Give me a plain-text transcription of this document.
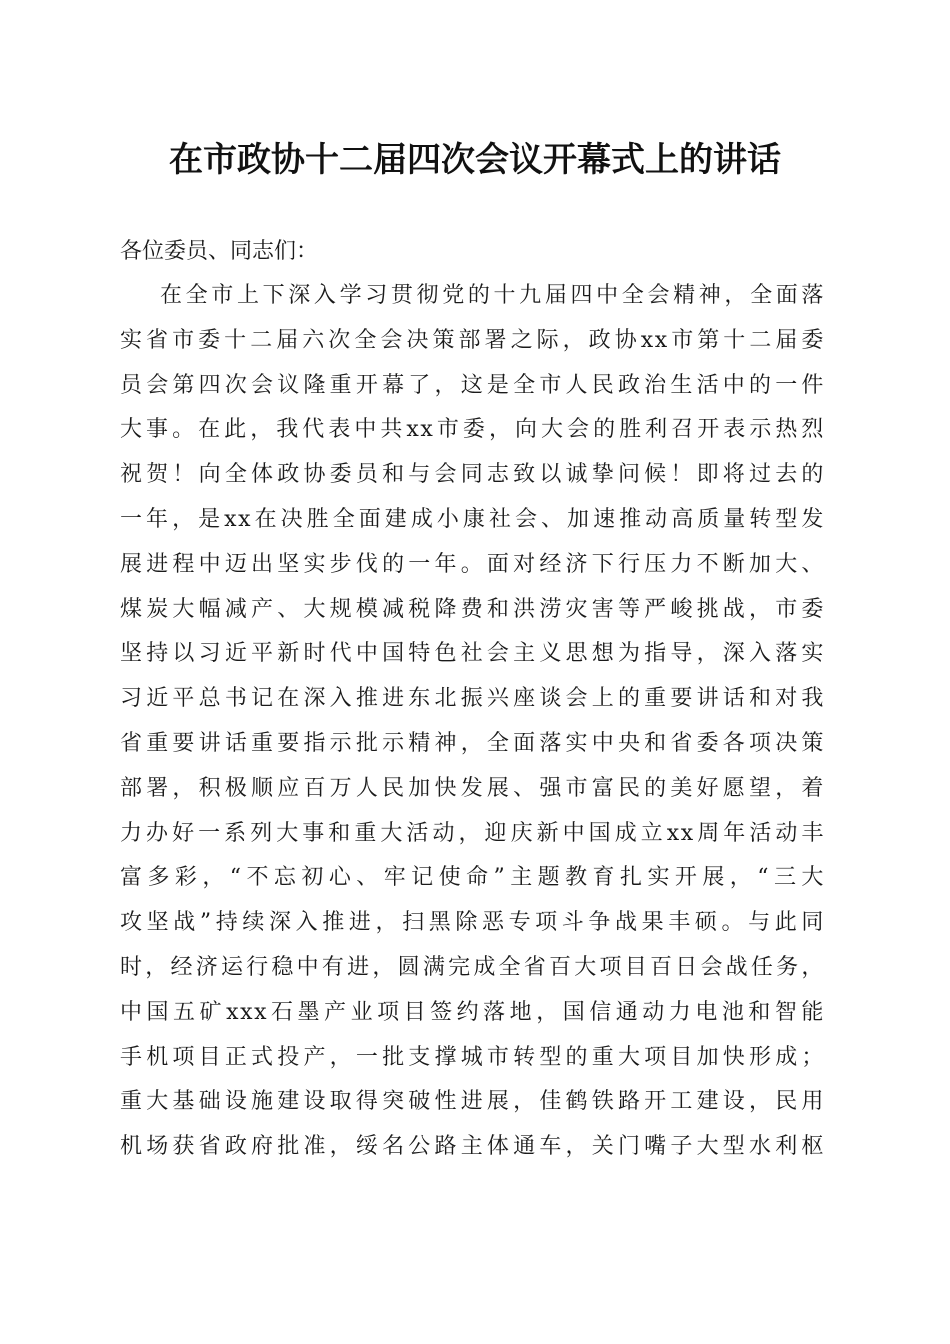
在市政协十二届四次会议开幕式上的讲话
各位委员、同志们：
在全市上下深入学习贯彻党的十九届四中全会精神，全面落
实省市委十二届六次全会决策部署之际，政协xx市第十二届委
员会第四次会议隆重开幕了，这是全市人民政治生活中的一件
大事。在此，我代表中共xx市委，向大会的胜利召开表示热烈
祝贺！向全体政协委员和与会同志致以诚挚问候！即将过去的
一年，是xx在决胜全面建成小康社会、加速推动高质量转型发
展进程中迈出坚实步伐的一年。面对经济下行压力不断加大、
煤炭大幅减产、大规模减税降费和洪涝灾害等严峻挑战，市委
坚持以习近平新时代中国特色社会主义思想为指导，深入落实
习近平总书记在深入推进东北振兴座谈会上的重要讲话和对我
省重要讲话重要指示批示精神，全面落实中央和省委各项决策
部署，积极顺应百万人民加快发展、强市富民的美好愿望，着
力办好一系列大事和重大活动，迎庆新中国成立xx周年活动丰
富多彩，“不忘初心、牢记使命”主题教育扎实开展，“三大
攻坚战”持续深入推进，扫黑除恶专项斗争战果丰硕。与此同
时，经济运行稳中有进，圆满完成全省百大项目百日会战任务，
中国五矿xxx石墨产业项目签约落地，国信通动力电池和智能
手机项目正式投产，一批支撑城市转型的重大项目加快形成；
重大基础设施建设取得突破性进展，佳鹤铁路开工建设，民用
机场获省政府批准，绥名公路主体通车，关门嘴子大型水利枢
